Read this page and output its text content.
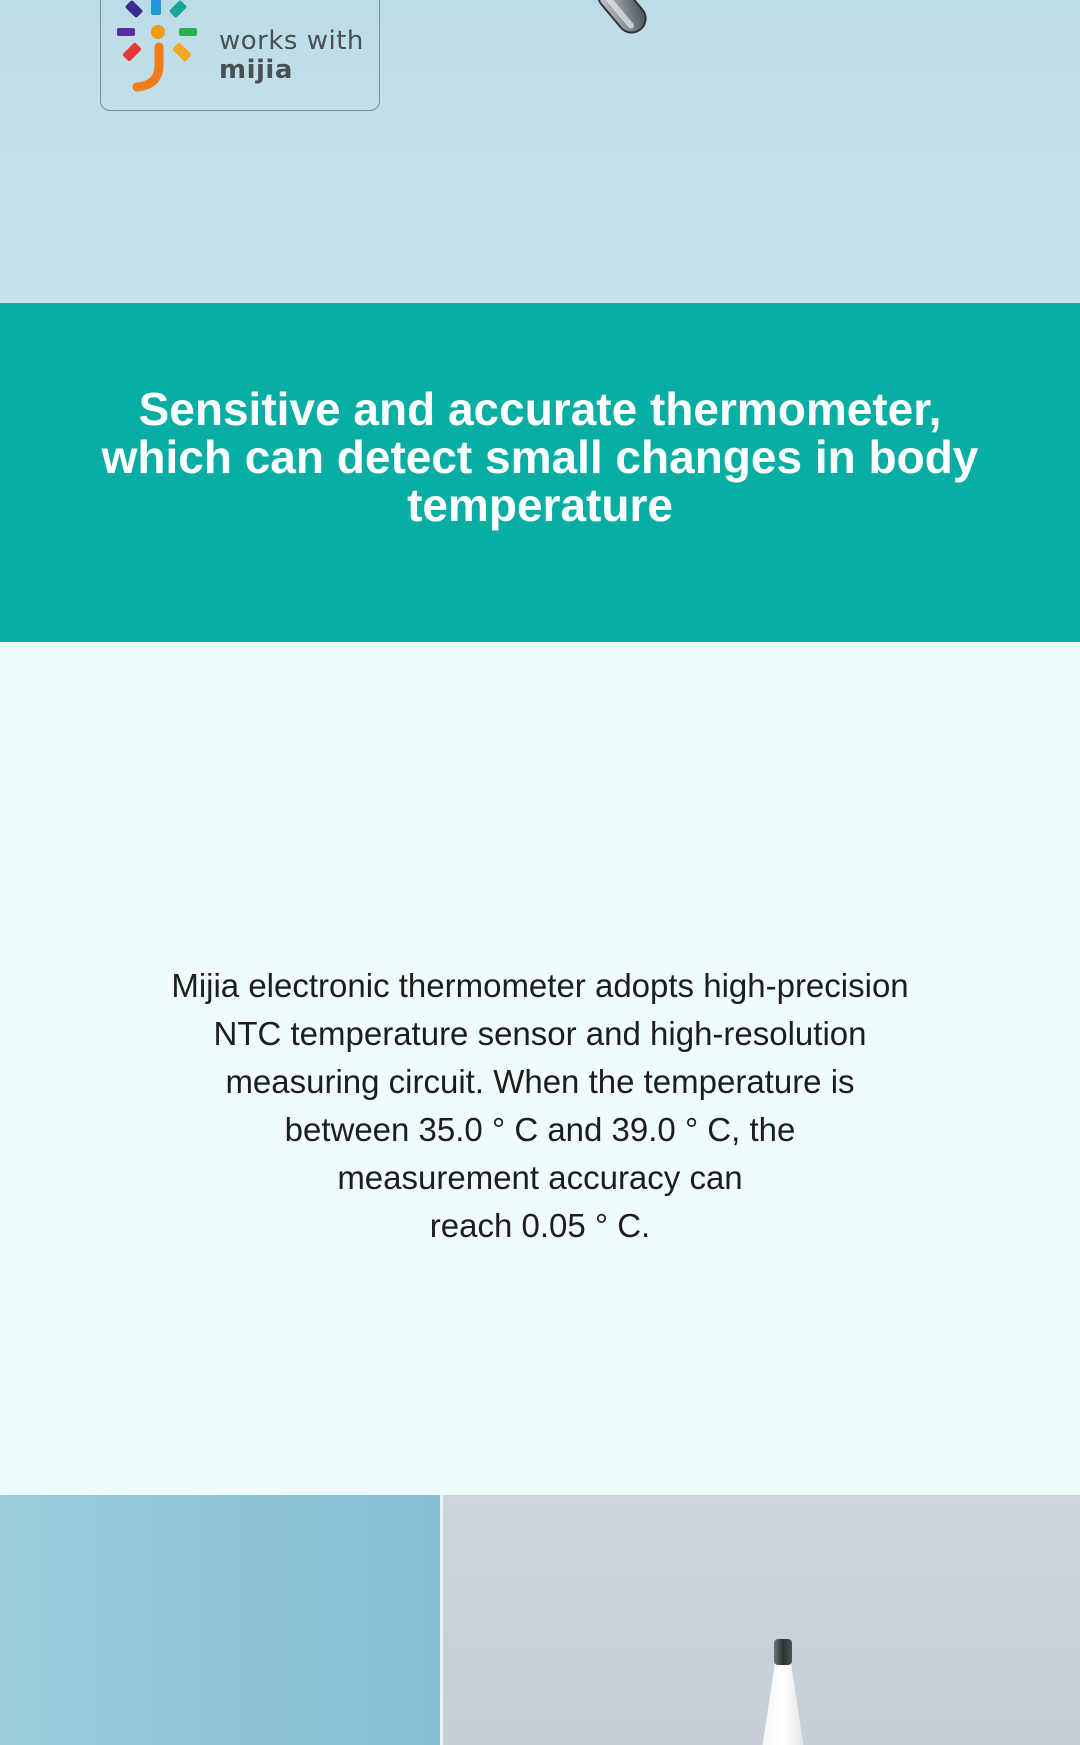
works with
mijia
Sensitive and accurate thermometer, which can detect small changes in body temperature

Mijia electronic thermometer adopts high-precision
NTC temperature sensor and high-resolution
measuring circuit. When the temperature is
between 35.0 ° C and 39.0 ° C, the
measurement accuracy can
reach 0.05 ° C.
